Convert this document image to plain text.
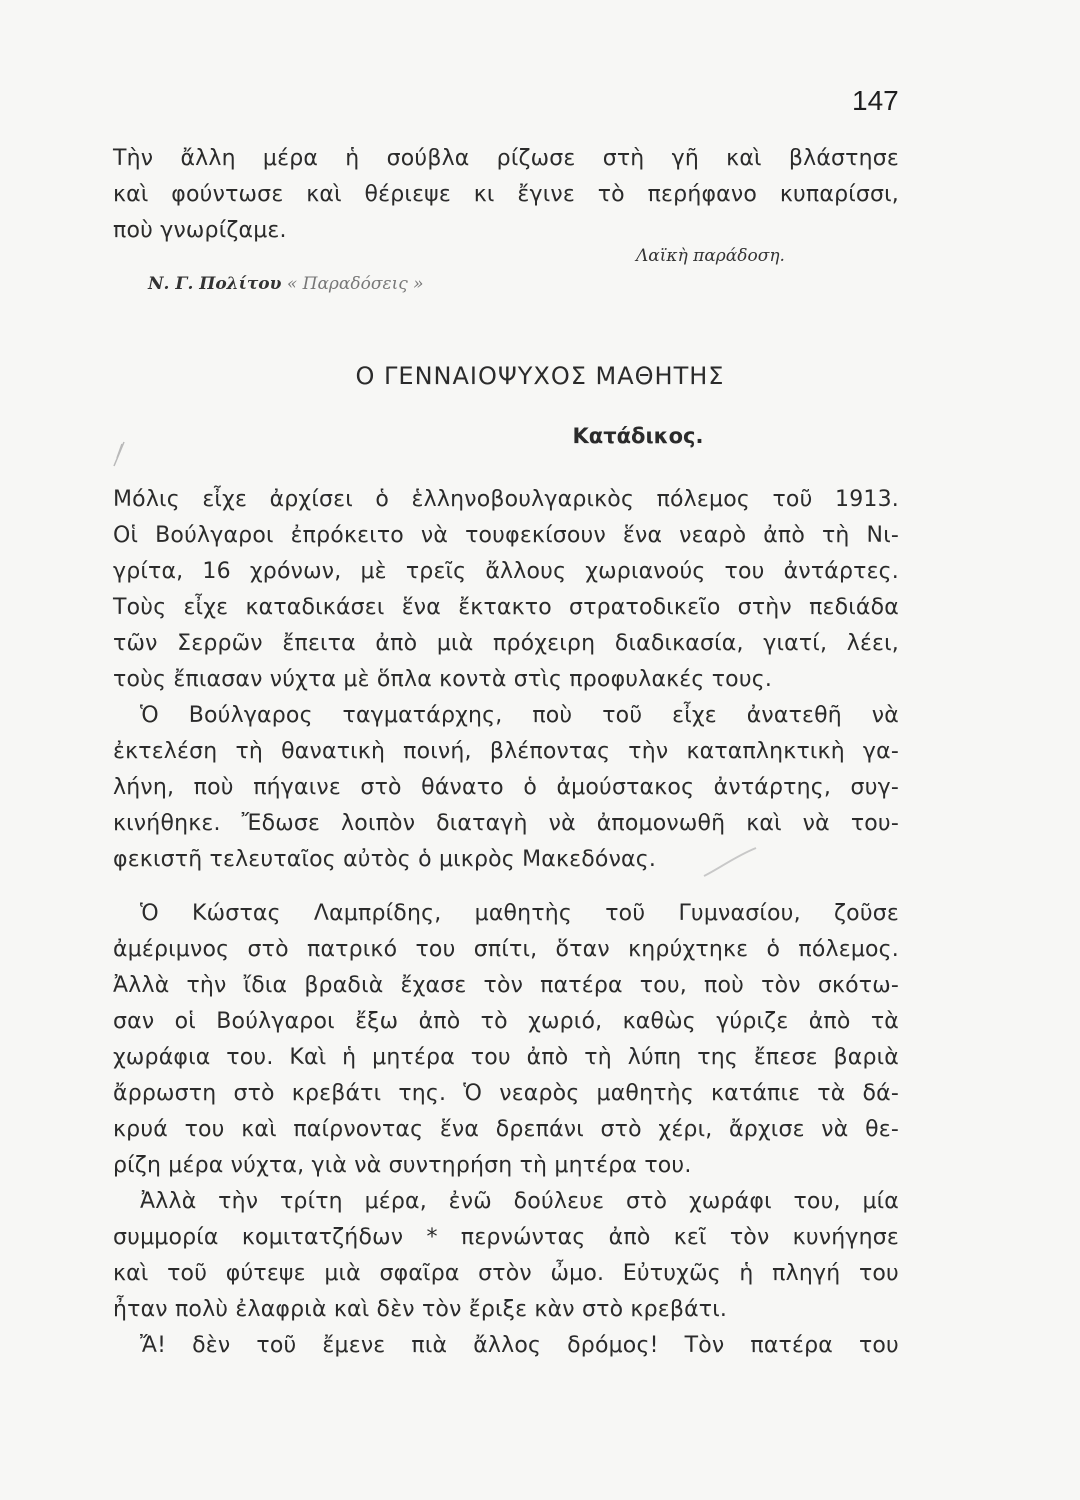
147
Τὴν ἄλλη μέρα ἡ σούβλα ρίζωσε στὴ γῆ καὶ βλάστησε
καὶ φούντωσε καὶ θέριεψε κι ἔγινε τὸ περήφανο κυπαρίσσι,
ποὺ γνωρίζαμε.
Λαϊκὴ παράδοση.
Ν. Γ. Πολίτου « Παραδόσεις »
Ο ΓΕΝΝΑΙΟΨΥΧΟΣ ΜΑΘΗΤΗΣ
Κατάδικος.
Μόλις εἶχε ἀρχίσει ὁ ἑλληνοβουλγαρικὸς πόλεμος τοῦ 1913.
Οἱ Βούλγαροι ἐπρόκειτο νὰ τουφεκίσουν ἕνα νεαρὸ ἀπὸ τὴ Νι-
γρίτα, 16 χρόνων, μὲ τρεῖς ἄλλους χωριανούς του ἀντάρτες.
Τοὺς εἶχε καταδικάσει ἕνα ἔκτακτο στρατοδικεῖο στὴν πεδιάδα
τῶν Σερρῶν ἔπειτα ἀπὸ μιὰ πρόχειρη διαδικασία, γιατί, λέει,
τοὺς ἔπιασαν νύχτα μὲ ὅπλα κοντὰ στὶς προφυλακές τους.
Ὁ Βούλγαρος ταγματάρχης, ποὺ τοῦ εἶχε ἀνατεθῆ νὰ
ἐκτελέση τὴ θανατικὴ ποινή, βλέποντας τὴν καταπληκτικὴ γα-
λήνη, ποὺ πήγαινε στὸ θάνατο ὁ ἀμούστακος ἀντάρτης, συγ-
κινήθηκε. Ἔδωσε λοιπὸν διαταγὴ νὰ ἀπομονωθῆ καὶ νὰ του-
φεκιστῆ τελευταῖος αὐτὸς ὁ μικρὸς Μακεδόνας.
Ὁ Κώστας Λαμπρίδης, μαθητὴς τοῦ Γυμνασίου, ζοῦσε
ἀμέριμνος στὸ πατρικό του σπίτι, ὅταν κηρύχτηκε ὁ πόλεμος.
Ἀλλὰ τὴν ἴδια βραδιὰ ἔχασε τὸν πατέρα του, ποὺ τὸν σκότω-
σαν οἱ Βούλγαροι ἔξω ἀπὸ τὸ χωριό, καθὼς γύριζε ἀπὸ τὰ
χωράφια του. Καὶ ἡ μητέρα του ἀπὸ τὴ λύπη της ἔπεσε βαριὰ
ἄρρωστη στὸ κρεβάτι της. Ὁ νεαρὸς μαθητὴς κατάπιε τὰ δά-
κρυά του καὶ παίρνοντας ἕνα δρεπάνι στὸ χέρι, ἄρχισε νὰ θε-
ρίζη μέρα νύχτα, γιὰ νὰ συντηρήση τὴ μητέρα του.
Ἀλλὰ τὴν τρίτη μέρα, ἐνῶ δούλευε στὸ χωράφι του, μία
συμμορία κομιτατζήδων * περνώντας ἀπὸ κεῖ τὸν κυνήγησε
καὶ τοῦ φύτεψε μιὰ σφαῖρα στὸν ὦμο. Εὐτυχῶς ἡ πληγή του
ἦταν πολὺ ἐλαφριὰ καὶ δὲν τὸν ἔριξε κὰν στὸ κρεβάτι.
Ἄ! δὲν τοῦ ἔμενε πιὰ ἄλλος δρόμος! Τὸν πατέρα του
